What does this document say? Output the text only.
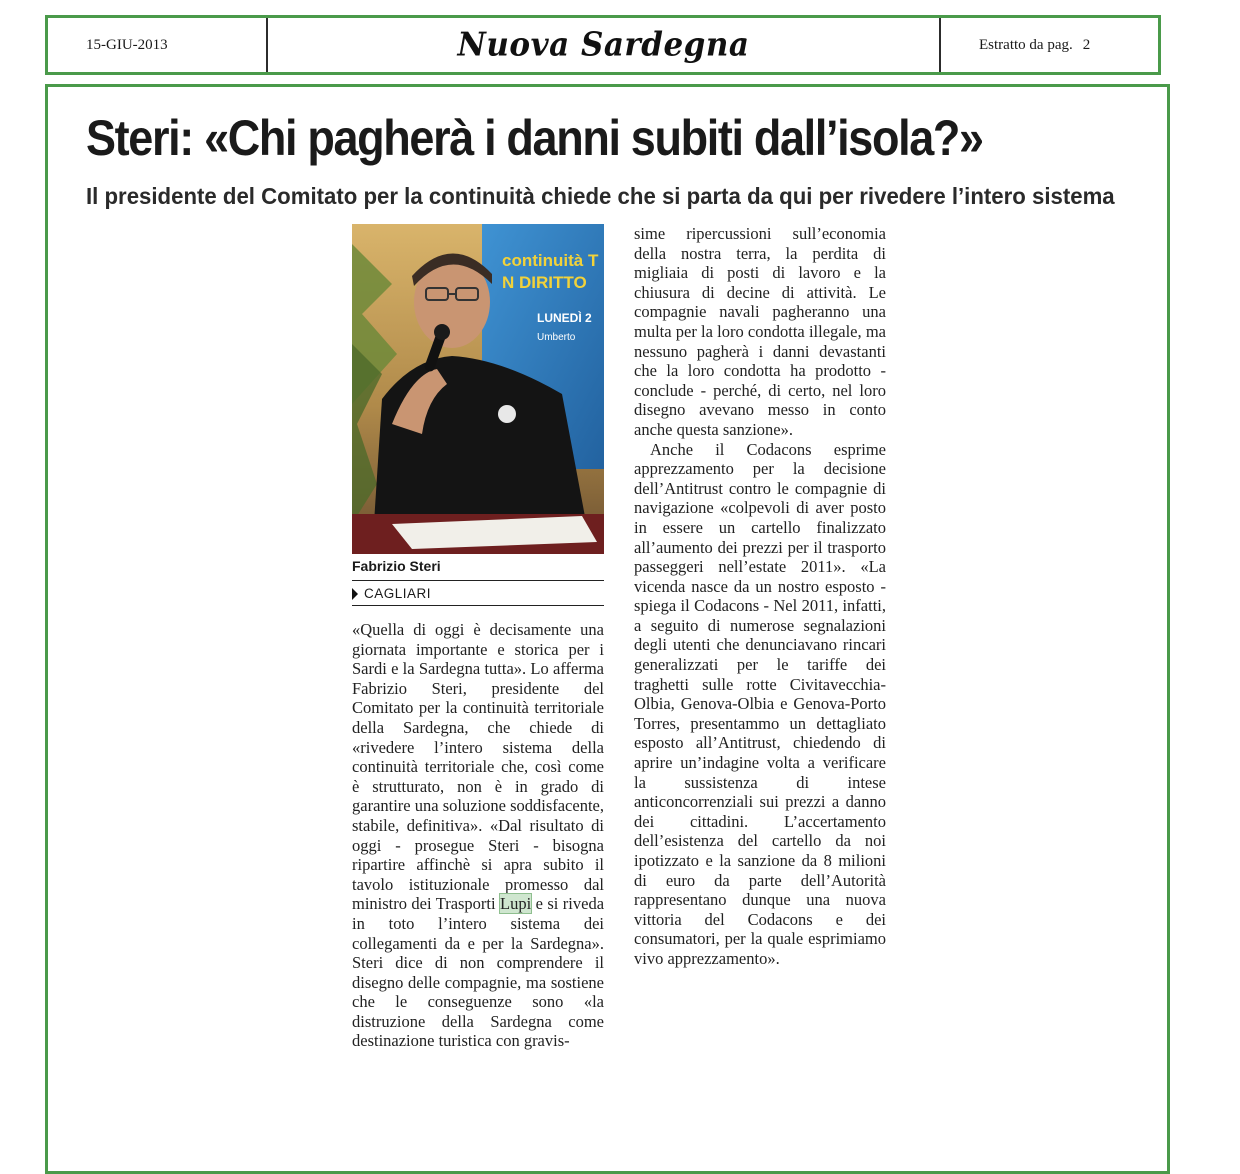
15-GIU-2013	Nuova Sardegna	Estratto da pag. 2
Steri: «Chi pagherà i danni subiti dall’isola?»
Il presidente del Comitato per la continuità chiede che si parta da qui per rivedere l’intero sistema
continuità T
N DIRITTO
LUNEDÌ 2
Umberto
Fabrizio Steri
CAGLIARI

«Quella di oggi è decisamente una giornata importante e storica per i Sardi e la Sardegna tutta». Lo afferma Fabrizio Steri, presidente del Comitato per la continuità territoriale della Sardegna, che chiede di «rivedere l’intero sistema della continuità territoriale che, così come è strutturato, non è in grado di garantire una soluzione soddisfacente, stabile, definitiva». «Dal risultato di oggi - prosegue Steri - bisogna ripartire affinchè si apra subito il tavolo istituzionale promesso dal ministro dei Trasporti Lupi e si riveda in toto l’intero sistema dei collegamenti da e per la Sardegna». Steri dice di non comprendere il disegno delle compagnie, ma sostiene che le conseguenze sono «la distruzione della Sardegna come destinazione turistica con gravis-

sime ripercussioni sull’economia della nostra terra, la perdita di migliaia di posti di lavoro e la chiusura di decine di attività. Le compagnie navali pagheranno una multa per la loro condotta illegale, ma nessuno pagherà i danni devastanti che la loro condotta ha prodotto - conclude - perché, di certo, nel loro disegno avevano messo in conto anche questa sanzione».

Anche il Codacons esprime apprezzamento per la decisione dell’Antitrust contro le compagnie di navigazione «colpevoli di aver posto in essere un cartello finalizzato all’aumento dei prezzi per il trasporto passeggeri nell’estate 2011». «La vicenda nasce da un nostro esposto - spiega il Codacons - Nel 2011, infatti, a seguito di numerose segnalazioni degli utenti che denunciavano rincari generalizzati per le tariffe dei traghetti sulle rotte Civitavecchia-Olbia, Genova-Olbia e Genova-Porto Torres, presentammo un dettagliato esposto all’Antitrust, chiedendo di aprire un’indagine volta a verificare la sussistenza di intese anticoncorrenziali sui prezzi a danno dei cittadini. L’accertamento dell’esistenza del cartello da noi ipotizzato e la sanzione da 8 milioni di euro da parte dell’Autorità rappresentano dunque una nuova vittoria del Codacons e dei consumatori, per la quale esprimiamo vivo apprezzamento».
